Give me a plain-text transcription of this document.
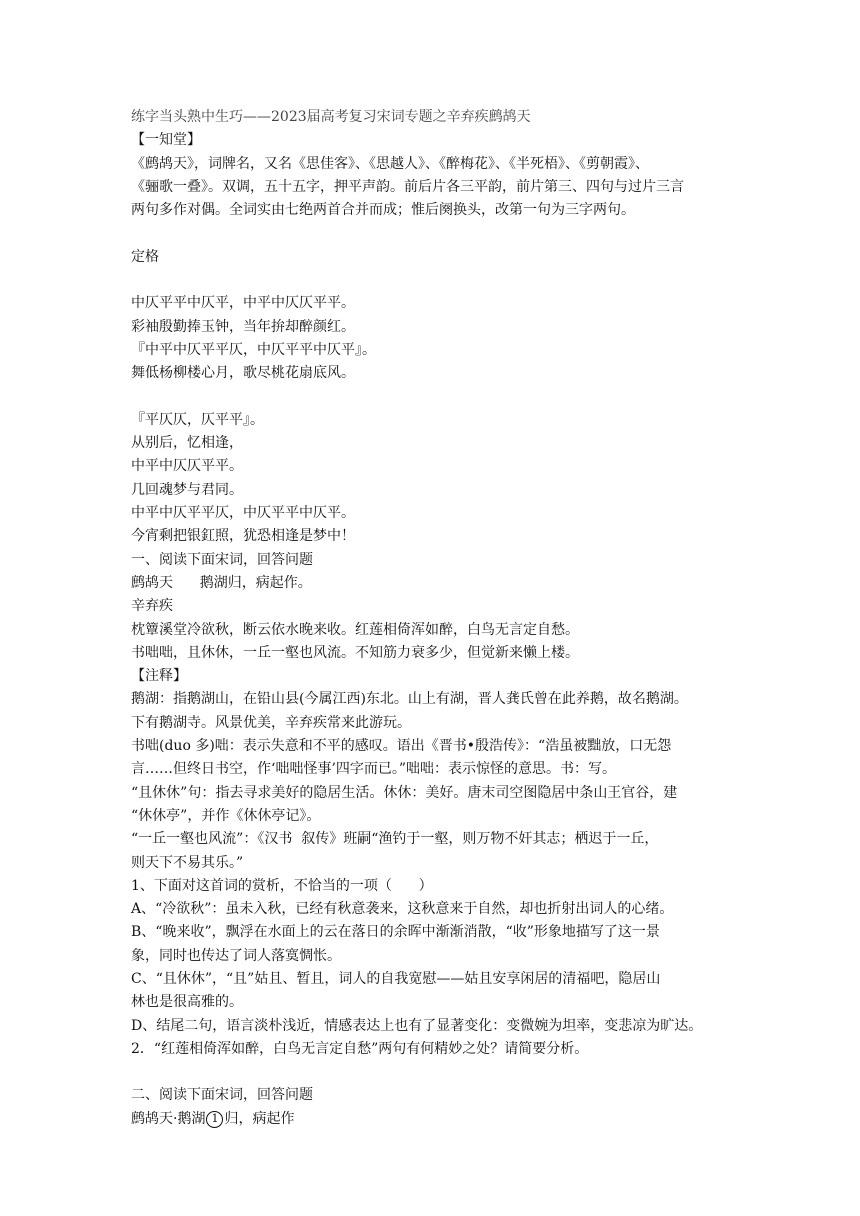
练字当头熟中生巧——2023届高考复习宋词专题之辛弃疾鹧鸪天
【一知堂】
《鹧鸪天》，词牌名，又名《思佳客》、《思越人》、《醉梅花》、《半死梧》、《剪朝霞》、
《骊歌一叠》。双调，五十五字，押平声韵。前后片各三平韵，前片第三、四句与过片三言
两句多作对偶。全词实由七绝两首合并而成；惟后阕换头，改第一句为三字两句。
定格
中仄平平中仄平，中平中仄仄平平。
彩袖殷勤捧玉钟，当年拚却醉颜红。
『中平中仄平平仄，中仄平平中仄平』。
舞低杨柳楼心月，歌尽桃花扇底风。
『平仄仄，仄平平』。
从别后，忆相逢，
中平中仄仄平平。
几回魂梦与君同。
中平中仄平平仄，中仄平平中仄平。
今宵剩把银釭照，犹恐相逢是梦中！
一、阅读下面宋词，回答问题
鹧鸪天      鹅湖归，病起作。
辛弃疾
枕簟溪堂冷欲秋，断云依水晚来收。红莲相倚浑如醉，白鸟无言定自愁。
书咄咄，且休休，一丘一壑也风流。不知筋力衰多少，但觉新来懒上楼。
【注释】
鹅湖：指鹅湖山，在铅山县(今属江西)东北。山上有湖，晋人龚氏曾在此养鹅，故名鹅湖。
下有鹅湖寺。风景优美，辛弃疾常来此游玩。
书咄(duo 多)咄：表示失意和不平的感叹。语出《晋书•殷浩传》：“浩虽被黜放，口无怨
言……但终日书空，作‘咄咄怪事’四字而已。”咄咄：表示惊怪的意思。书：写。
“且休休”句：指去寻求美好的隐居生活。休休：美好。唐末司空图隐居中条山王官谷，建
“休休亭”，并作《休休亭记》。
“一丘一壑也风流”：《汉书  叙传》班嗣“渔钓于一壑，则万物不奸其志；栖迟于一丘，
则天下不易其乐。”
1、下面对这首词的赏析，不恰当的一项（      ）
A、“冷欲秋”：虽未入秋，已经有秋意袭来，这秋意来于自然，却也折射出词人的心绪。
B、“晚来收”，飘浮在水面上的云在落日的余晖中渐渐消散，“收”形象地描写了这一景
象，同时也传达了词人落寞惆怅。
C、“且休休”，“且”姑且、暂且，词人的自我宽慰——姑且安享闲居的清福吧，隐居山
林也是很高雅的。
D、结尾二句，语言淡朴浅近，情感表达上也有了显著变化：变微婉为坦率，变悲凉为旷达。
2．“红莲相倚浑如醉，白鸟无言定自愁”两句有何精妙之处？请简要分析。
二、阅读下面宋词，回答问题
鹧鸪天·鹅湖 1 归，病起作
